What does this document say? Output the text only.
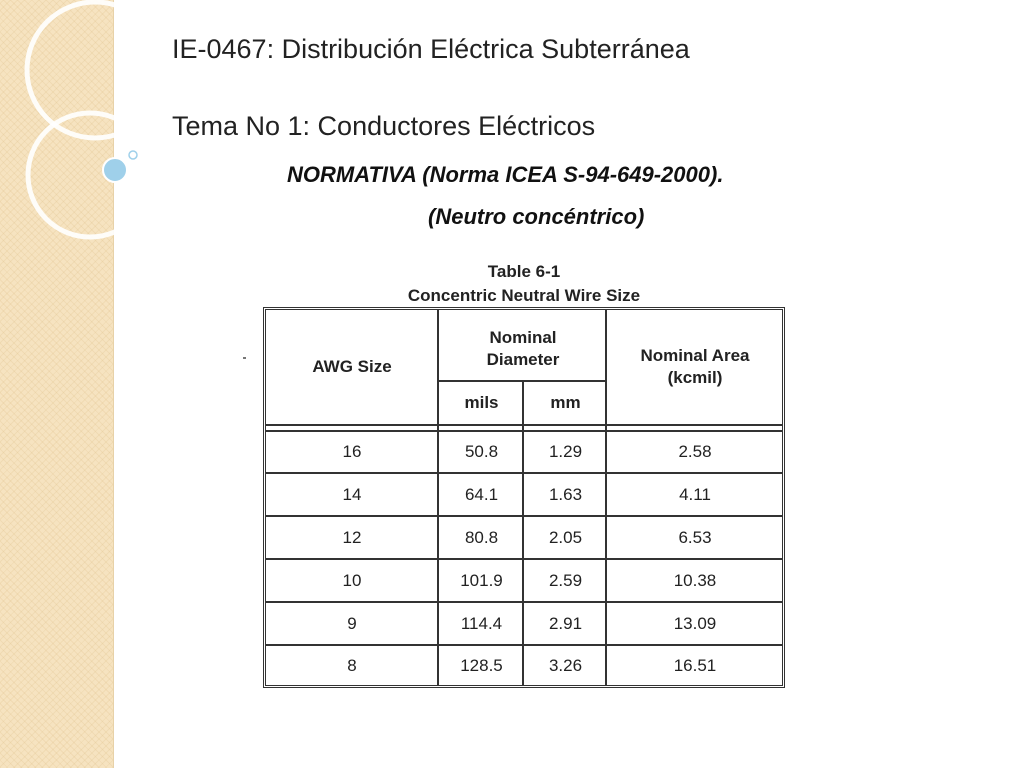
IE-0467: Distribución Eléctrica Subterránea
Tema No 1: Conductores Eléctricos
NORMATIVA (Norma ICEA S-94-649-2000).
(Neutro concéntrico)
Table 6-1
Concentric Neutral Wire Size
AWG Size
Nominal Diameter
mils	mm
Nominal Area (kcmil)
16	50.8	1.29	2.58
14	64.1	1.63	4.11
12	80.8	2.05	6.53
10	101.9	2.59	10.38
9	114.4	2.91	13.09
8	128.5	3.26	16.51
